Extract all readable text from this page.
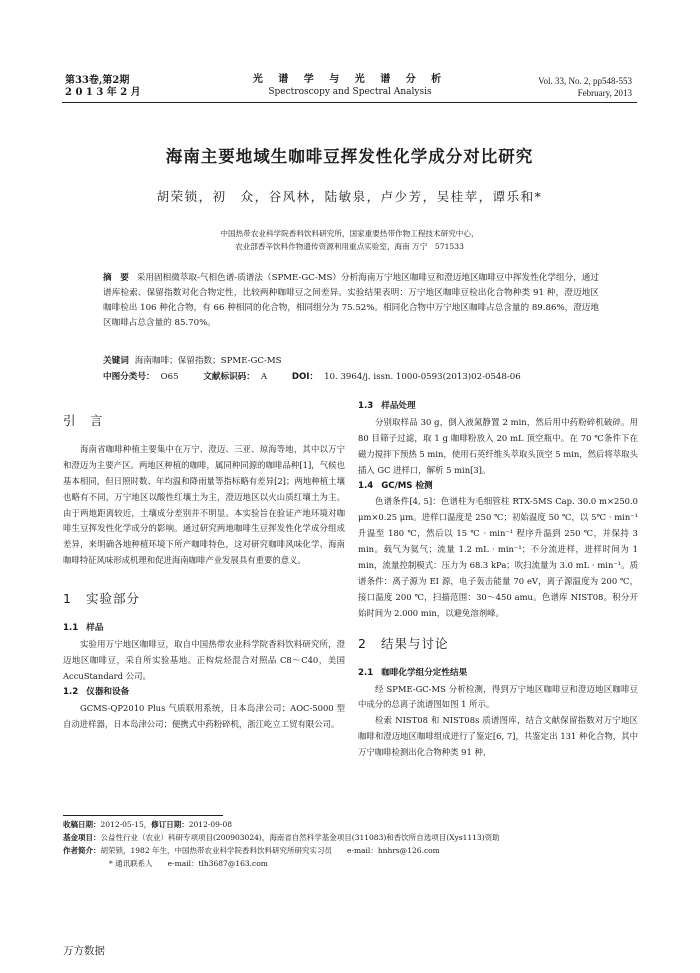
第33卷,第2期
2 0 1 3 年 2 月
光 谱 学 与 光 谱 分 析
Spectroscopy and Spectral Analysis
Vol. 33, No. 2, pp548-553
February, 2013
海南主要地域生咖啡豆挥发性化学成分对比研究
胡荣锁，初　众，谷风林，陆敏泉，卢少芳，吴桂苹，谭乐和*
中国热带农业科学院香料饮料研究所，国家重要热带作物工程技术研究中心，
农业部香辛饮料作物遗传资源利用重点实验室，海南 万宁　571533
摘　要 采用固相微萃取-气相色谱-质谱法（SPME-GC-MS）分析海南万宁地区咖啡豆和澄迈地区咖啡豆中挥发性化学组分，通过谱库检索、保留指数对化合物定性，比较两种咖啡豆之间差异。实验结果表明：万宁地区咖啡豆检出化合物种类 91 种，澄迈地区咖啡检出 106 种化合物，有 66 种相同的化合物，相同组分为 75.52%。相同化合物中万宁地区咖啡占总含量的 89.86%，澄迈地区咖啡占总含量的 85.70%。
关键词 海南咖啡；保留指数；SPME-GC-MS
中图分类号： O65	文献标识码： A	DOI： 10. 3964/j. issn. 1000-0593(2013)02-0548-06
引　言

海南省咖啡种植主要集中在万宁、澄迈、三亚、琼海等地，其中以万宁和澄迈为主要产区。两地区种植的咖啡，属同种同源的咖啡品种[1]，气候也基本相同，但日照时数、年均温和降雨量等指标略有差异[2]；两地种植土壤也略有不同，万宁地区以酸性红壤土为主，澄迈地区以火山质红壤土为主。由于两地距离较近，土壤成分差别并不明显。本实验旨在验证产地环境对咖啡生豆挥发性化学成分的影响。通过研究两地咖啡生豆挥发性化学成分组成差异，来明确各地种植环境下所产咖啡特色，这对研究咖啡风味化学、海南咖啡特征风味形成机理和促进海南咖啡产业发展具有重要的意义。

1 实验部分
1.1 样品

实验用万宁地区咖啡豆，取自中国热带农业科学院香料饮料研究所，澄迈地区咖啡豆，采自所实验基地。正构烷烃混合对照品 C8～C40，美国 AccuStandard 公司。

1.2 仪器和设备

GCMS-QP2010 Plus 气质联用系统，日本岛津公司；AOC-5000 型自动进样器，日本岛津公司；便携式中药粉碎机，浙江屹立工贸有限公司。

1.3 样品处理

分别取样品 30 g，倒入液氮静置 2 min，然后用中药粉碎机破碎。用 80 目筛子过滤，取 1 g 咖啡粉放入 20 mL 顶空瓶中。在 70 ℃条件下在磁力搅拌下预热 5 min，使用石英纤维头萃取头顶空 5 min，然后将萃取头插入 GC 进样口，解析 5 min[3]。

1.4 GC/MS 检测

色谱条件[4, 5]：色谱柱为毛细管柱 RTX-5MS Cap. 30.0 m×250.0 μm×0.25 μm。进样口温度是 250 ℃；初始温度 50 ℃，以 5℃ · min⁻¹ 升温至 180 ℃，然后以 15 ℃ · min⁻¹ 程序升温到 250 ℃，并保持 3 min。载气为氦气；流量 1.2 mL · min⁻¹；不分流进样，进样时间为 1 min，流量控制模式：压力为 68.3 kPa；吹扫流量为 3.0 mL · min⁻¹。质谱条件：离子源为 EI 源，电子轰击能量 70 eV，离子源温度为 200 ℃，接口温度 200 ℃，扫描范围：30～450 amu。色谱库 NIST08。积分开始时间为 2.000 min，以避免溶剂峰。

2 结果与讨论
2.1 咖啡化学组分定性结果

经 SPME-GC-MS 分析检测，得到万宁地区咖啡豆和澄迈地区咖啡豆中成分的总离子流谱图如图 1 所示。

检索 NIST08 和 NIST08s 质谱图库，结合文献保留指数对万宁地区咖啡和澄迈地区咖啡组成进行了鉴定[6, 7]，共鉴定出 131 种化合物，其中万宁咖啡检测出化合物种类 91 种，

收稿日期：2012-05-15，修订日期：2012-09-08
基金项目：公益性行业（农业）科研专项项目(200903024)，海南省自然科学基金项目(311083)和香饮所自选项目(Xys1113)资助
作者简介：胡荣锁，1982 年生，中国热带农业科学院香料饮料研究所研究实习员　　e-mail：hnhrs@126.com
* 通讯联系人　　e-mail：tlh3687@163.com
万方数据
